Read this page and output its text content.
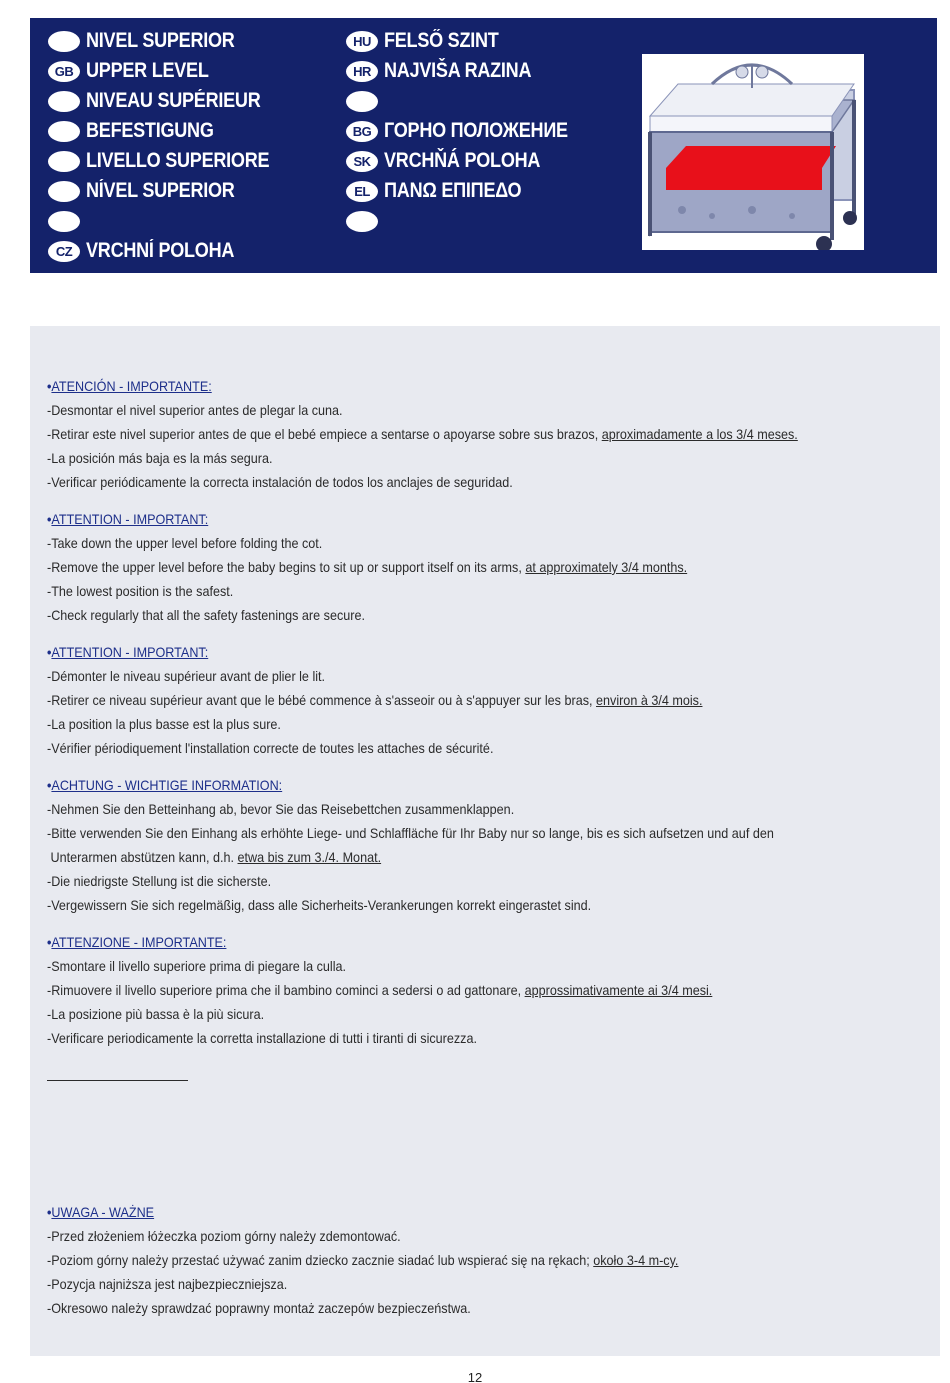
NIVEL SUPERIOR
GB UPPER LEVEL
NIVEAU SUPÉRIEUR
BEFESTIGUNG
LIVELLO SUPERIORE
NÍVEL SUPERIOR
CZ VRCHNÍ POLOHA
HU FELSŐ SZINT
HR NAJVIŠA RAZINA
BG ГОРНО ПОЛОЖЕНИЕ
SK VRCHŇÁ POLOHA
EL ΠΑΝΩ ΕΠΙΠΕΔΟ
12
•ATENCIÓN - IMPORTANTE:
-Desmontar el nivel superior antes de plegar la cuna.
-Retirar este nivel superior antes de que el bebé empiece a sentarse o apoyarse sobre sus brazos, aproximadamente a los 3/4 meses.
-La posición más baja es la más segura.
-Verificar periódicamente la correcta instalación de todos los anclajes de seguridad.
•ATTENTION - IMPORTANT:
-Take down the upper level before folding the cot.
-Remove the upper level before the baby begins to sit up or support itself on its arms, at approximately 3/4 months.
-The lowest position is the safest.
-Check regularly that all the safety fastenings are secure.
•ATTENTION - IMPORTANT:
-Démonter le niveau supérieur avant de plier le lit.
-Retirer ce niveau supérieur avant que le bébé commence à s'asseoir ou à s'appuyer sur les bras, environ à 3/4 mois.
-La position la plus basse est la plus sure.
-Vérifier périodiquement l'installation correcte de toutes les attaches de sécurité.
•ACHTUNG - WICHTIGE INFORMATION:
-Nehmen Sie den Betteinhang ab, bevor Sie das Reisebettchen zusammenklappen.
-Bitte verwenden Sie den Einhang als erhöhte Liege- und Schlaffläche für Ihr Baby nur so lange, bis es sich aufsetzen und auf den
Unterarmen abstützen kann, d.h. etwa bis zum 3./4. Monat.
-Die niedrigste Stellung ist die sicherste.
-Vergewissern Sie sich regelmäßig, dass alle Sicherheits-Verankerungen korrekt eingerastet sind.
•ATTENZIONE - IMPORTANTE:
-Smontare il livello superiore prima di piegare la culla.
-Rimuovere il livello superiore prima che il bambino cominci a sedersi o ad gattonare, approssimativamente ai 3/4 mesi.
-La posizione più bassa è la più sicura.
-Verificare periodicamente la corretta installazione di tutti i tiranti di sicurezza.
•UWAGA - WAŻNE
-Przed złożeniem łóżeczka poziom górny należy zdemontować.
-Poziom górny należy przestać używać zanim dziecko zacznie siadać lub wspierać się na rękach; około 3-4 m-cy.
-Pozycja najniższa jest najbezpieczniejsza.
-Okresowo należy sprawdzać poprawny montaż zaczepów bezpieczeństwa.
